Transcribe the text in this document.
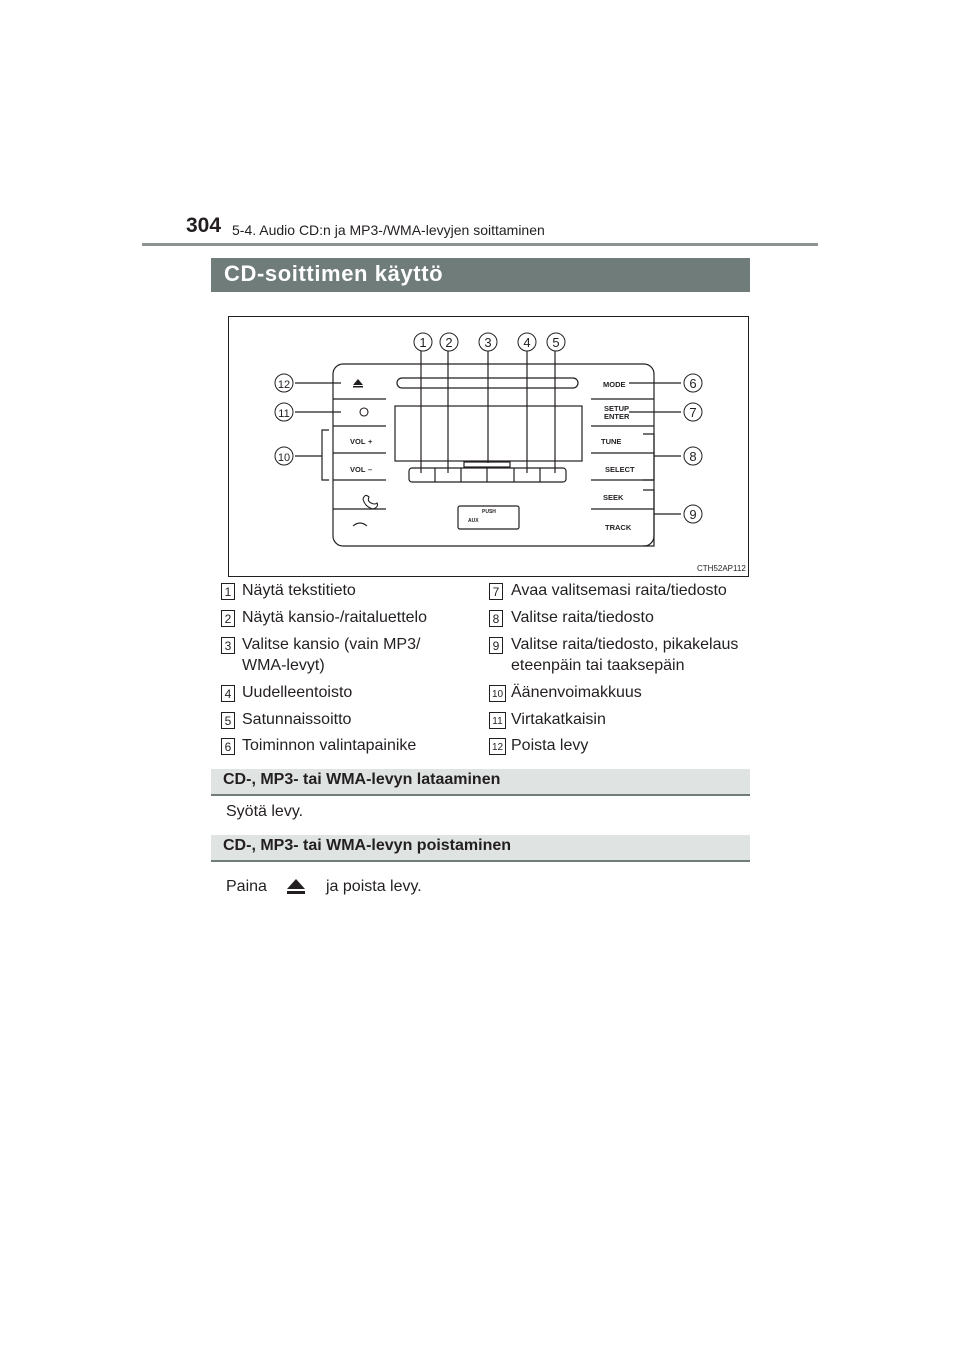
304 5-4. Audio CD:n ja MP3-/WMA-levyjen soittaminen
CD-soittimen käyttö
VOL +
VOL –
MODE
SETUP
ENTER
TUNE
SELECT
SEEK
TRACK
PUSH
AUX
1 2 3 4 5
6
7
8
9
10
11
12
CTH52AP112
1 Näytä tekstitieto
2 Näytä kansio-/raitaluettelo
3 Valitse kansio (vain MP3/
WMA-levyt)
4 Uudelleentoisto
5 Satunnaissoitto
6 Toiminnon valintapainike
7 Avaa valitsemasi raita/tiedosto
8 Valitse raita/tiedosto
9 Valitse raita/tiedosto, pikakelaus
eteenpäin tai taaksepäin
10 Äänenvoimakkuus
11 Virtakatkaisin
12 Poista levy
CD-, MP3- tai WMA-levyn lataaminen
Syötä levy.
CD-, MP3- tai WMA-levyn poistaminen
Paina	ja poista levy.
